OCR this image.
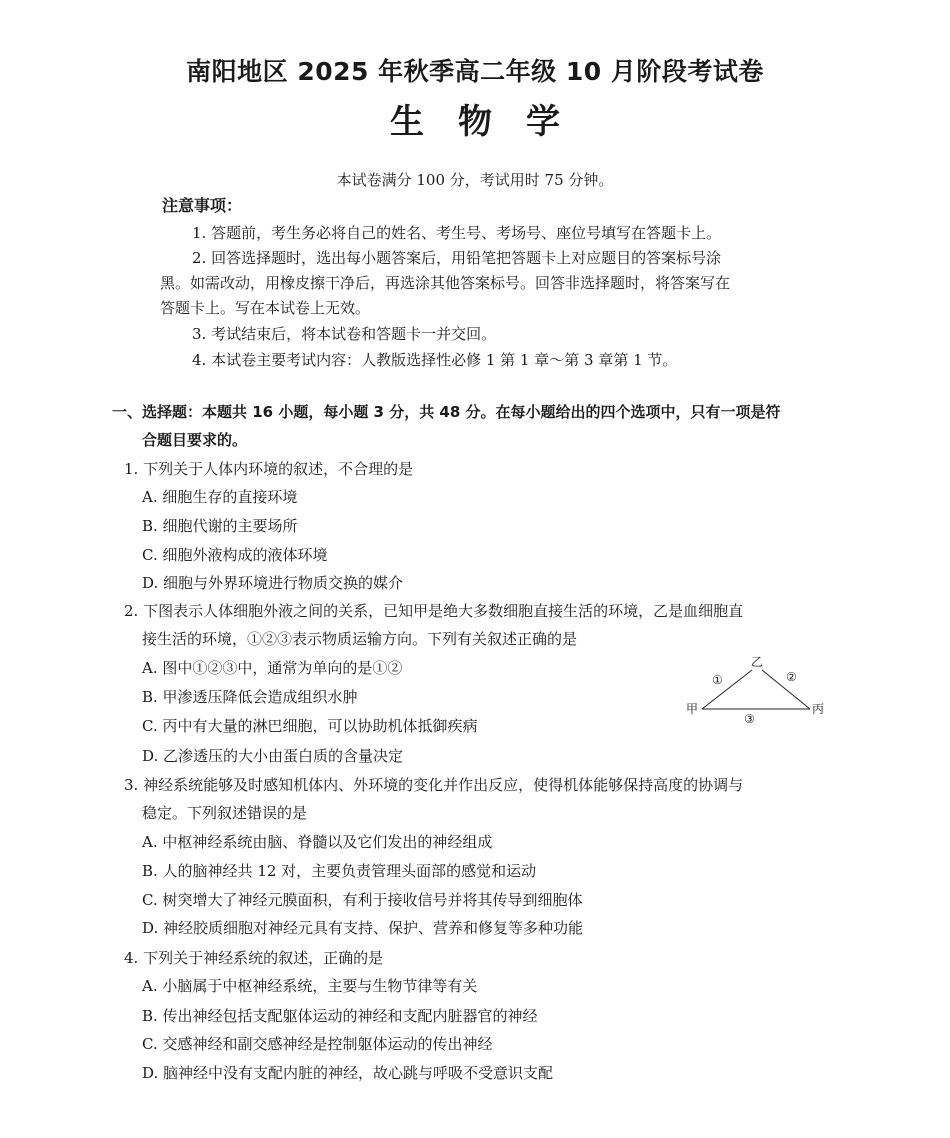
南阳地区 2025 年秋季高二年级 10 月阶段考试卷
生物学
本试卷满分 100 分，考试用时 75 分钟。
注意事项：
1. 答题前，考生务必将自己的姓名、考生号、考场号、座位号填写在答题卡上。
2. 回答选择题时，选出每小题答案后，用铅笔把答题卡上对应题目的答案标号涂
黑。如需改动，用橡皮擦干净后，再选涂其他答案标号。回答非选择题时，将答案写在
答题卡上。写在本试卷上无效。
3. 考试结束后，将本试卷和答题卡一并交回。
4. 本试卷主要考试内容：人教版选择性必修 1 第 1 章～第 3 章第 1 节。
一、选择题：本题共 16 小题，每小题 3 分，共 48 分。在每小题给出的四个选项中，只有一项是符
合题目要求的。
1. 下列关于人体内环境的叙述，不合理的是
A. 细胞生存的直接环境
B. 细胞代谢的主要场所
C. 细胞外液构成的液体环境
D. 细胞与外界环境进行物质交换的媒介
2. 下图表示人体细胞外液之间的关系，已知甲是绝大多数细胞直接生活的环境，乙是血细胞直
接生活的环境，①②③表示物质运输方向。下列有关叙述正确的是
A. 图中①②③中，通常为单向的是①②
B. 甲渗透压降低会造成组织水肿
C. 丙中有大量的淋巴细胞，可以协助机体抵御疾病
D. 乙渗透压的大小由蛋白质的含量决定
乙
甲	丙
①	②
③
3. 神经系统能够及时感知机体内、外环境的变化并作出反应，使得机体能够保持高度的协调与
稳定。下列叙述错误的是
A. 中枢神经系统由脑、脊髓以及它们发出的神经组成
B. 人的脑神经共 12 对，主要负责管理头面部的感觉和运动
C. 树突增大了神经元膜面积，有利于接收信号并将其传导到细胞体
D. 神经胶质细胞对神经元具有支持、保护、营养和修复等多种功能
4. 下列关于神经系统的叙述，正确的是
A. 小脑属于中枢神经系统，主要与生物节律等有关
B. 传出神经包括支配躯体运动的神经和支配内脏器官的神经
C. 交感神经和副交感神经是控制躯体运动的传出神经
D. 脑神经中没有支配内脏的神经，故心跳与呼吸不受意识支配
